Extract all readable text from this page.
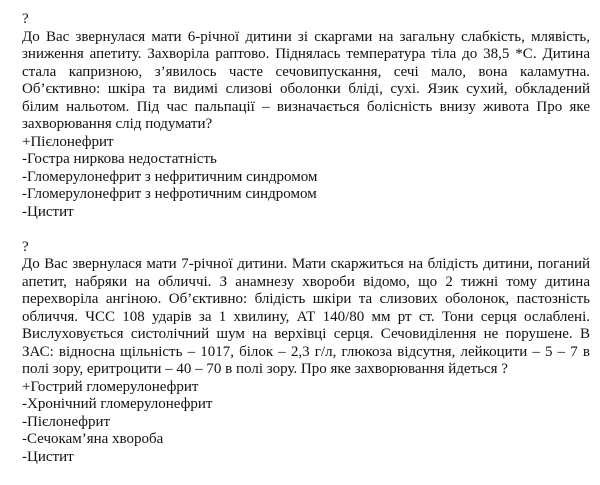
?
До Вас звернулася мати 6-річної дитини зі скаргами на загальну слабкість, млявість,
зниження апетиту. Захворіла раптово. Піднялась температура тіла до 38,5 *С. Дитина
стала капризною, з’явилось часте сечовипускання, сечі мало, вона каламутна.
Об’єктивно: шкіра та видимі слизові оболонки бліді, сухі. Язик сухий, обкладений
білим нальотом. Під час пальпації – визначається болісність внизу живота Про яке
захворювання слід подумати?
+Пієлонефрит
-Гостра ниркова недостатність
-Гломерулонефрит з нефритичним синдромом
-Гломерулонефрит з нефротичним синдромом
-Цистит
?
До Вас звернулася мати 7-річної дитини. Мати скаржиться на блідість дитини, поганий
апетит, набряки на обличчі. З анамнезу хвороби відомо, що 2 тижні тому дитина
перехворіла ангіною. Об’єктивно: блідість шкіри та слизових оболонок, пастозність
обличчя. ЧСС 108 ударів за 1 хвилину, АТ 140/80 мм рт ст. Тони серця ослаблені.
Вислуховується систолічний шум на верхівці серця. Сечовиділення не порушене. В
ЗАС: відносна щільність – 1017, білок – 2,3 г/л, глюкоза відсутня, лейкоцити – 5 – 7 в
полі зору, еритроцити – 40 – 70 в полі зору. Про яке захворювання йдеться ?
+Гострий гломерулонефрит
-Хронічний гломерулонефрит
-Пієлонефрит
-Сечокам’яна хвороба
-Цистит
